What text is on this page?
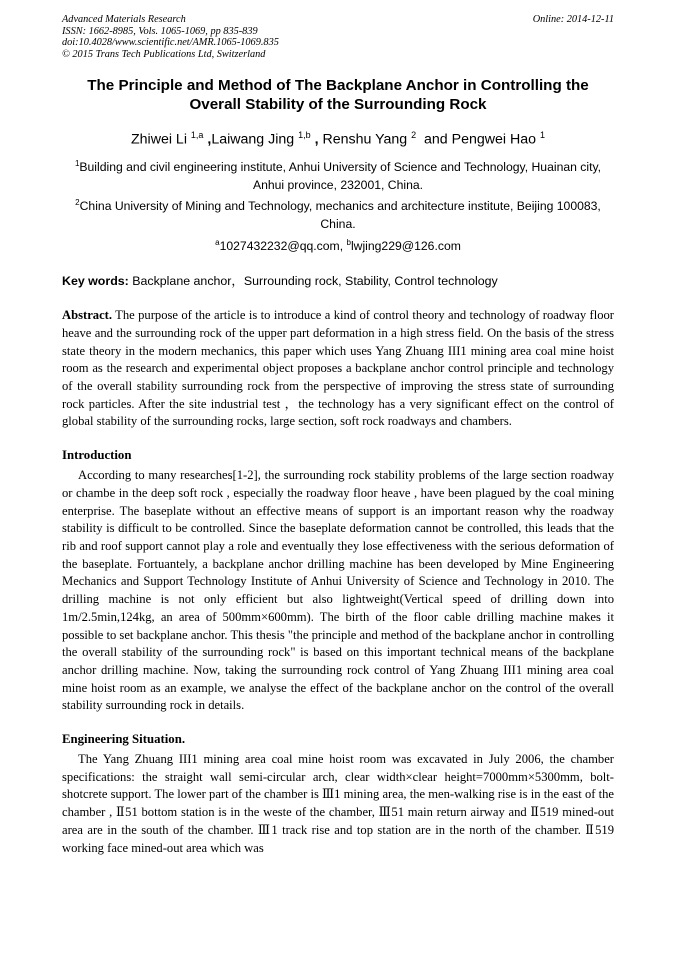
Advanced Materials Research
ISSN: 1662-8985, Vols. 1065-1069, pp 835-839
doi:10.4028/www.scientific.net/AMR.1065-1069.835
© 2015 Trans Tech Publications Ltd, Switzerland
Online: 2014-12-11
The Principle and Method of The Backplane Anchor in Controlling the Overall Stability of the Surrounding Rock
Zhiwei Li $^{1,a}$ ,Laiwang Jing $^{1,b}$ , Renshu Yang $^2$  and Pengwei Hao $^1$
$^1$Building and civil engineering institute, Anhui University of Science and Technology, Huainan city, Anhui province, 232001, China.
$^2$China University of Mining and Technology, mechanics and architecture institute, Beijing 100083, China.
$^a$1027432232@qq.com, $^b$lwjing229@126.com
Key words: Backplane anchor，Surrounding rock, Stability, Control technology

Abstract. The purpose of the article is to introduce a kind of control theory and technology of roadway floor heave and the surrounding rock of the upper part deformation in a high stress field. On the basis of the stress state theory in the modern mechanics, this paper which uses Yang Zhuang III1 mining area coal mine hoist room as the research and experimental object proposes a backplane anchor control principle and technology of the overall stability surrounding rock from the perspective of improving the stress state of surrounding rock particles. After the site industrial test ，the technology has a very significant effect on the control of global stability of the surrounding rocks, large section, soft rock roadways and chambers.

Introduction

According to many researches[1-2], the surrounding rock stability problems of the large section roadway or chambe in the deep soft rock , especially the roadway floor heave , have been plagued by the coal mining enterprise. The baseplate without an effective means of support is an important reason why the roadway stability is difficult to be controlled. Since the baseplate deformation cannot be controlled, this leads that the rib and roof support cannot play a role and eventually they lose effectiveness with the serious deformation of the baseplate. Fortuantely, a backplane anchor drilling machine has been developed by Mine Engineering Mechanics and Support Technology Institute of Anhui University of Science and Technology in 2010. The drilling machine is not only efficient but also lightweight(Vertical speed of drilling down into 1m/2.5min,124kg, an area of 500mm×600mm). The birth of the floor cable drilling machine makes it possible to set backplane anchor. This thesis "the principle and method of the backplane anchor in controlling the overall stability of the surrounding rock" is based on this important technical means of the backplane anchor drilling machine. Now, taking the surrounding rock control of Yang Zhuang III1 mining area coal mine hoist room as an example, we analyse the effect of the backplane anchor on the control of the overall stability surrounding rock in details.

Engineering Situation.

The Yang Zhuang III1 mining area coal mine hoist room was excavated in July 2006, the chamber specifications: the straight wall semi-circular arch, clear width×clear height=7000mm×5300mm, bolt-shotcrete support. The lower part of the chamber is Ⅲ1 mining area, the men-walking rise is in the east of the chamber , Ⅱ51 bottom station is in the weste of the chamber, Ⅲ51 main return airway and Ⅱ519 mined-out area are in the south of the chamber. Ⅲ1 track rise and top station are in the north of the chamber. Ⅱ519 working face mined-out area which was
